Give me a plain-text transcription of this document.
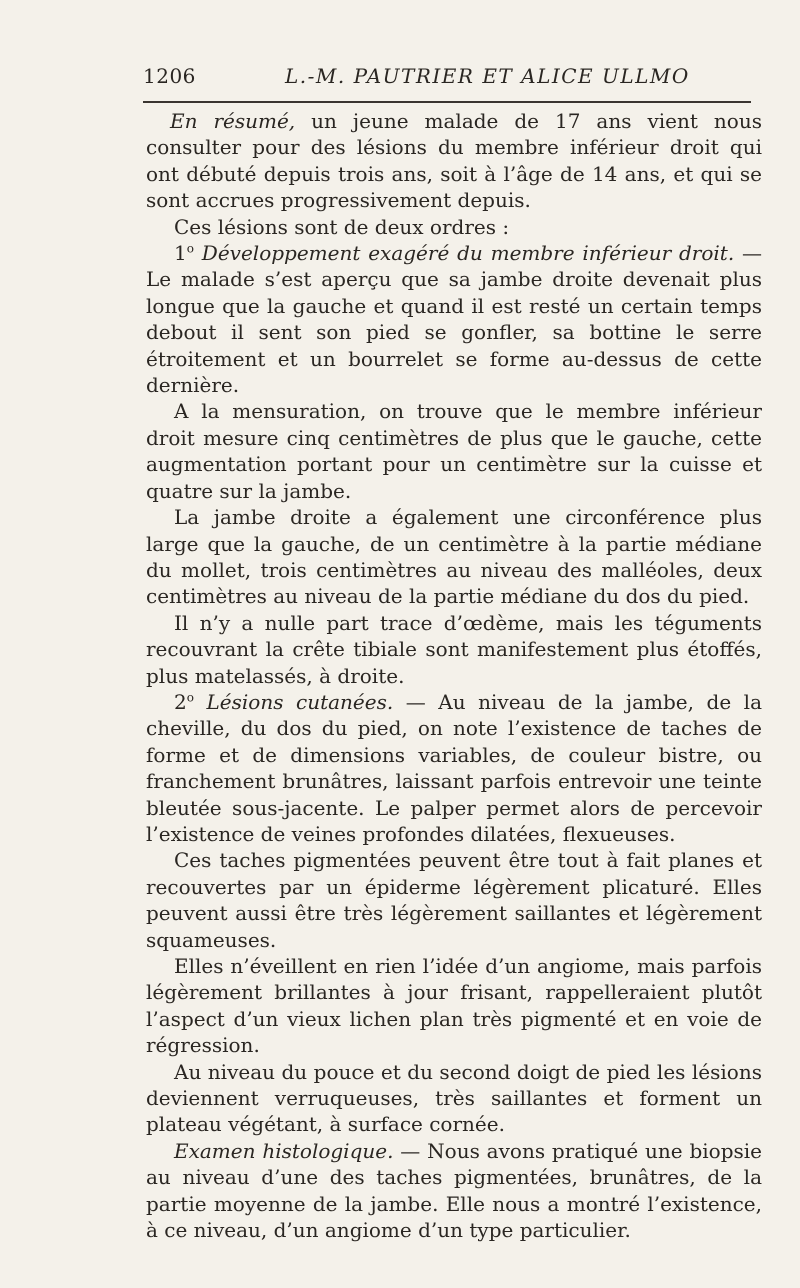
1206	L.-M. PAUTRIER ET ALICE ULLMO

En résumé, un jeune malade de 17 ans vient nous consulter pour des lésions du membre inférieur droit qui ont débuté depuis trois ans, soit à l’âge de 14 ans, et qui se sont accrues progressivement depuis.

Ces lésions sont de deux ordres :

1$^o$ Développement exagéré du membre inférieur droit. — Le malade s’est aperçu que sa jambe droite devenait plus longue que la gauche et quand il est resté un certain temps debout il sent son pied se gonfler, sa bottine le serre étroitement et un bourrelet se forme au-dessus de cette dernière.

A la mensuration, on trouve que le membre inférieur droit mesure cinq centimètres de plus que le gauche, cette augmentation portant pour un centimètre sur la cuisse et quatre sur la jambe.

La jambe droite a également une circonférence plus large que la gauche, de un centimètre à la partie médiane du mollet, trois centimètres au niveau des malléoles, deux centimètres au niveau de la partie médiane du dos du pied.

Il n’y a nulle part trace d’œdème, mais les téguments recouvrant la crête tibiale sont manifestement plus étoffés, plus matelassés, à droite.

2$^o$ Lésions cutanées. — Au niveau de la jambe, de la cheville, du dos du pied, on note l’existence de taches de forme et de dimensions variables, de couleur bistre, ou franchement brunâtres, laissant parfois entrevoir une teinte bleutée sous-jacente. Le palper permet alors de percevoir l’existence de veines profondes dilatées, flexueuses.

Ces taches pigmentées peuvent être tout à fait planes et recouvertes par un épiderme légèrement plicaturé. Elles peuvent aussi être très légèrement saillantes et légèrement squameuses.

Elles n’éveillent en rien l’idée d’un angiome, mais parfois légèrement brillantes à jour frisant, rappelleraient plutôt l’aspect d’un vieux lichen plan très pigmenté et en voie de régression.

Au niveau du pouce et du second doigt de pied les lésions deviennent verruqueuses, très saillantes et forment un plateau végétant, à surface cornée.

Examen histologique. — Nous avons pratiqué une biopsie au niveau d’une des taches pigmentées, brunâtres, de la partie moyenne de la jambe. Elle nous a montré l’existence, à ce niveau, d’un angiome d’un type particulier.
